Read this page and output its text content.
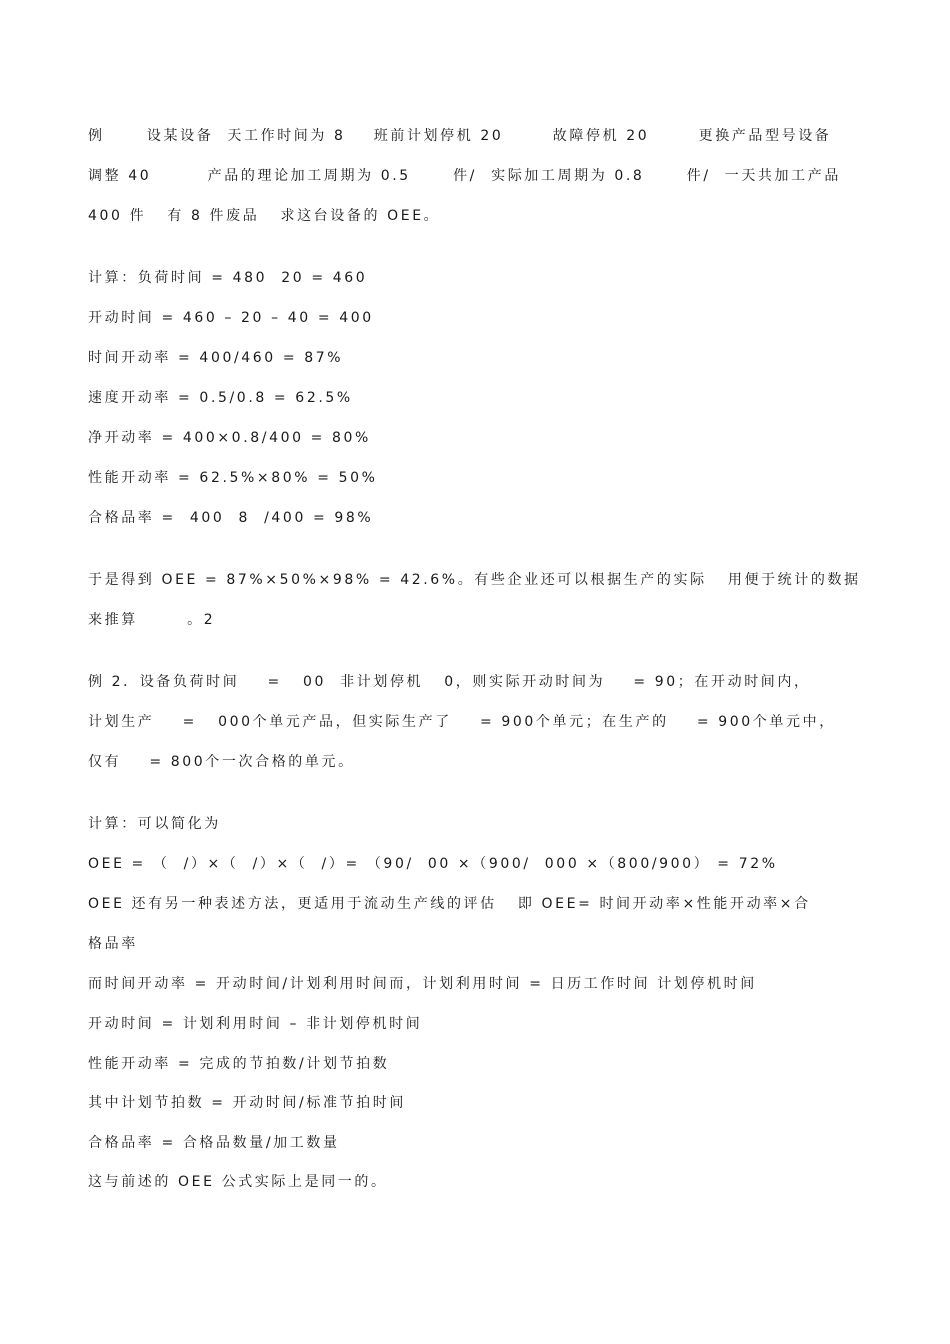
例      设某设备  天工作时间为 8    班前计划停机 20       故障停机 20       更换产品型号设备

调整 40        产品的理论加工周期为 0.5      件/  实际加工周期为 0.8      件/  一天共加工产品

400 件   有 8 件废品   求这台设备的 OEE。

计算：负荷时间 = 480  20 = 460

开动时间 = 460 – 20 – 40 = 400

时间开动率 = 400/460 = 87%

速度开动率 = 0.5/0.8 = 62.5%

净开动率 = 400×0.8/400 = 80%

性能开动率 = 62.5%×80% = 50%

合格品率 =  400  8  /400 = 98%

于是得到 OEE = 87%×50%×98% = 42.6%。有些企业还可以根据生产的实际   用便于统计的数据

来推算       。2

例 2．设备负荷时间    =   00  非计划停机   0，则实际开动时间为    = 90；在开动时间内，

计划生产    =   000个单元产品，但实际生产了    = 900个单元；在生产的    = 900个单元中，

仅有    = 800个一次合格的单元。

计算：可以简化为

OEE = （  /）×（  /）×（  /）= （90/  00 ×（900/  000 ×（800/900） = 72%

OEE 还有另一种表述方法，更适用于流动生产线的评估   即 OEE= 时间开动率×性能开动率×合

格品率

而时间开动率 = 开动时间/计划利用时间而，计划利用时间 = 日历工作时间 计划停机时间

开动时间 = 计划利用时间 – 非计划停机时间

性能开动率 = 完成的节拍数/计划节拍数

其中计划节拍数 = 开动时间/标准节拍时间

合格品率 = 合格品数量/加工数量

这与前述的 OEE 公式实际上是同一的。
